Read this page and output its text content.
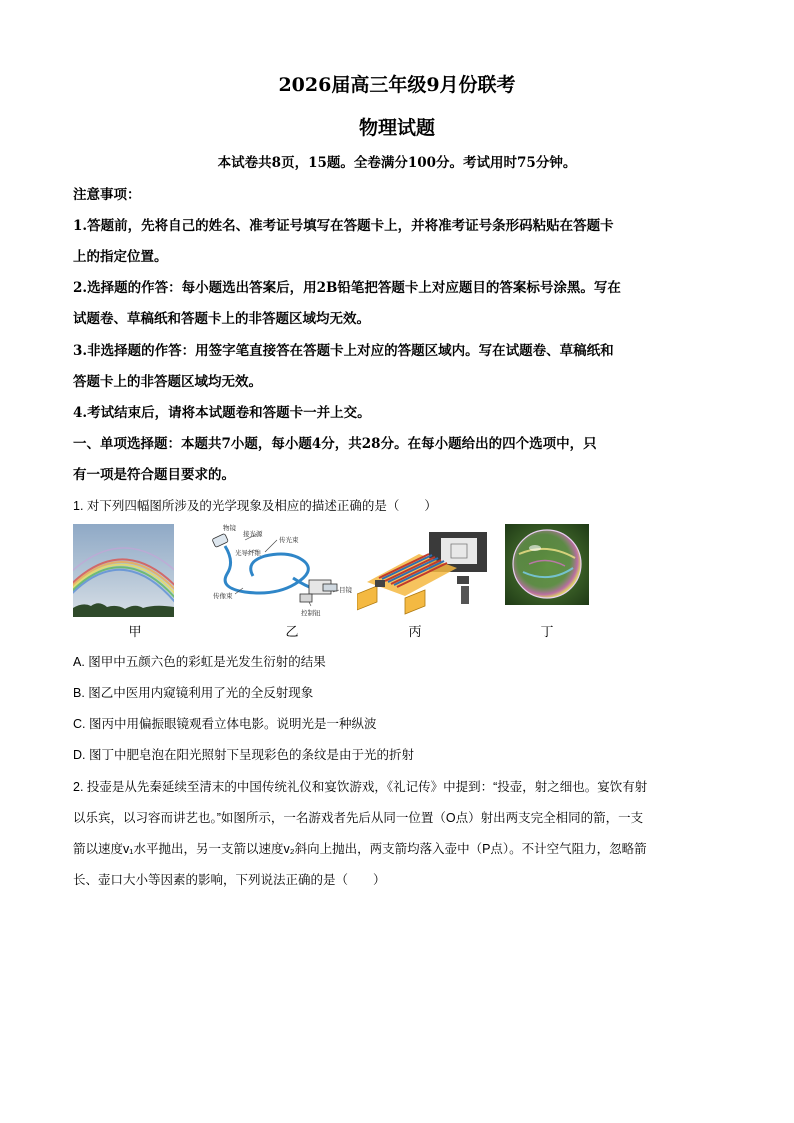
2026届高三年级9月份联考
物理试题
本试卷共8页，15题。全卷满分100分。考试用时75分钟。
注意事项：
1.答题前，先将自己的姓名、准考证号填写在答题卡上，并将准考证号条形码粘贴在答题卡
上的指定位置。
2.选择题的作答：每小题选出答案后，用2B铅笔把答题卡上对应题目的答案标号涂黑。写在
试题卷、草稿纸和答题卡上的非答题区域均无效。
3.非选择题的作答：用签字笔直接答在答题卡上对应的答题区域内。写在试题卷、草稿纸和
答题卡上的非答题区域均无效。
4.考试结束后，请将本试题卷和答题卡一并上交。
一、单项选择题：本题共7小题，每小题4分，共28分。在每小题给出的四个选项中，只
有一项是符合题目要求的。
1. 对下列四幅图所涉及的光学现象及相应的描述正确的是（　　）
甲
物镜
接光源
传光束
光导纤维
目镜
传像束
控制钮
乙	丙	丁
A. 图甲中五颜六色的彩虹是光发生衍射的结果
B. 图乙中医用内窥镜利用了光的全反射现象
C. 图丙中用偏振眼镜观看立体电影。说明光是一种纵波
D. 图丁中肥皂泡在阳光照射下呈现彩色的条纹是由于光的折射
2. 投壶是从先秦延续至清末的中国传统礼仪和宴饮游戏，《礼记传》中提到：“投壶，射之细也。宴饮有射
以乐宾，以习容而讲艺也。”如图所示，一名游戏者先后从同一位置（O点）射出两支完全相同的箭，一支
箭以速度v₁水平抛出，另一支箭以速度v₂斜向上抛出，两支箭均落入壶中（P点）。不计空气阻力，忽略箭
长、壶口大小等因素的影响，下列说法正确的是（　　）
